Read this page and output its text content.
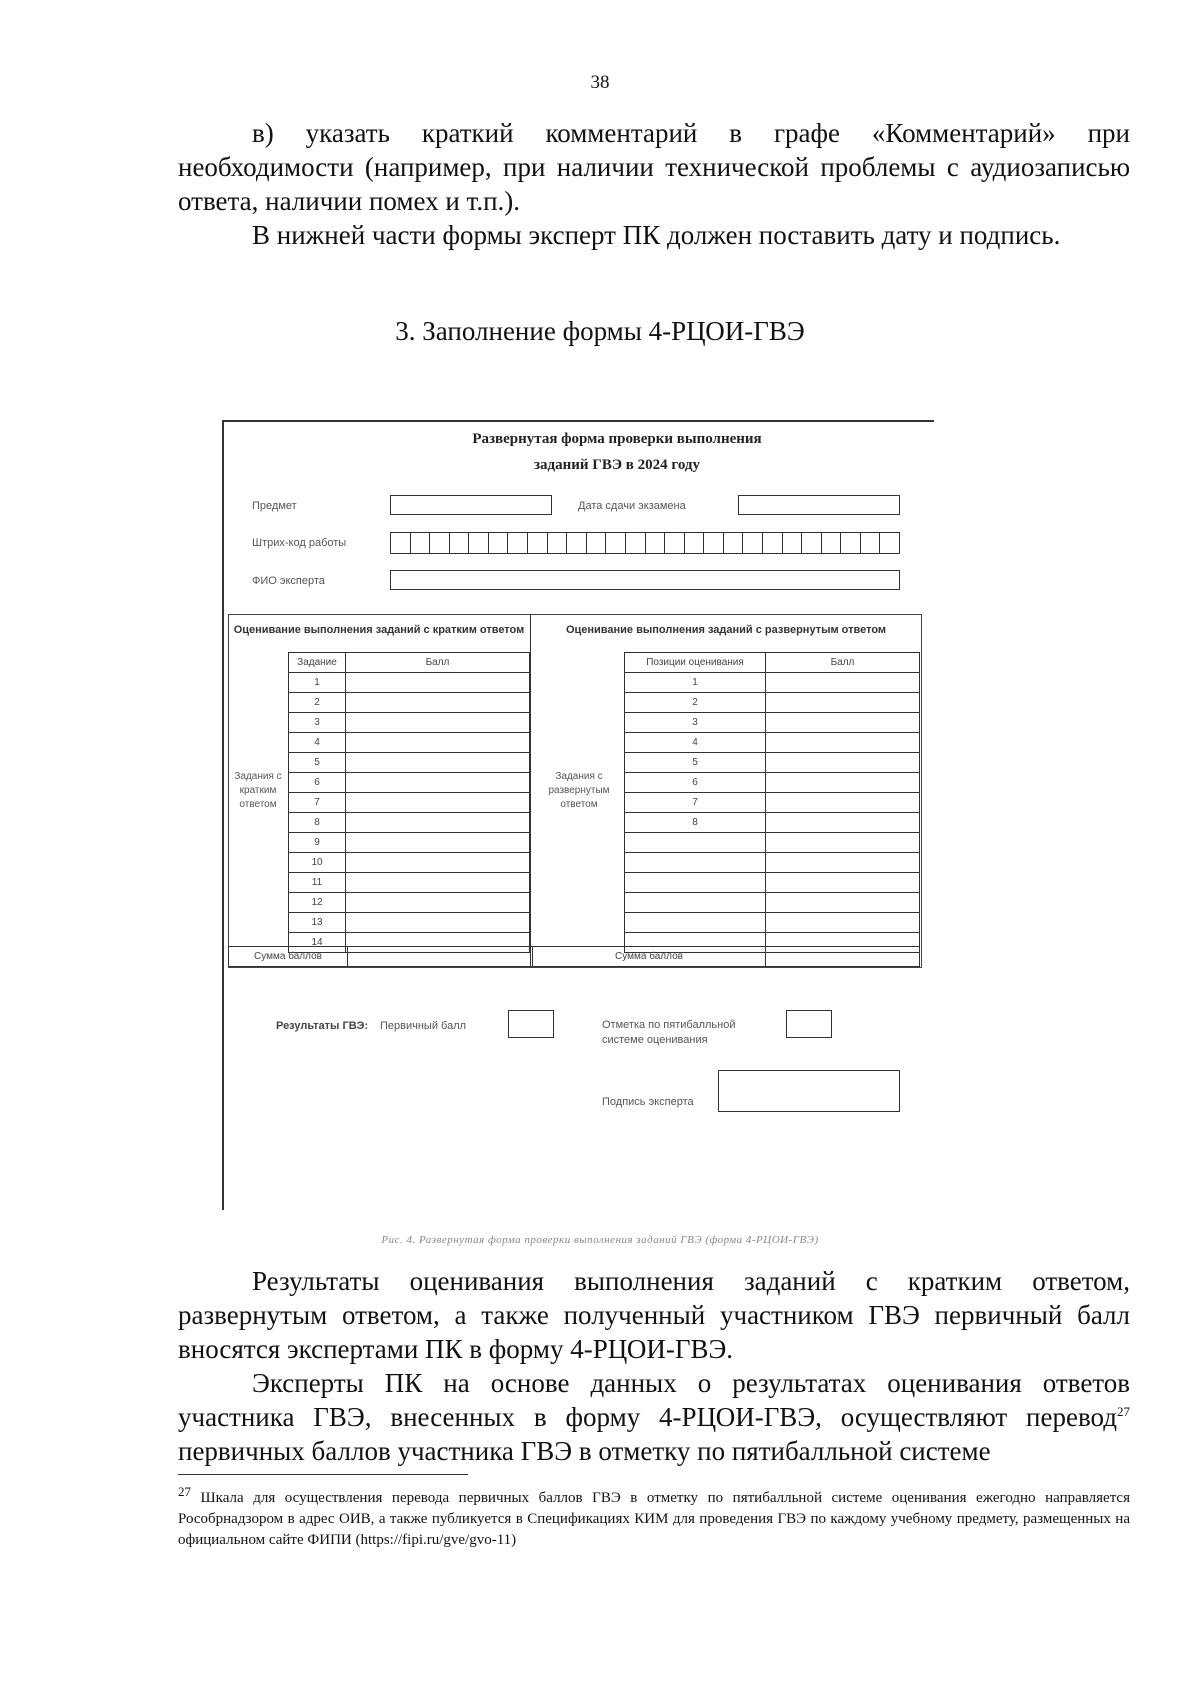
38

в) указать краткий комментарий в графе «Комментарий» при необходимости (например, при наличии технической проблемы с аудиозаписью ответа, наличии помех и т.п.).

В нижней части формы эксперт ПК должен поставить дату и подпись.

3. Заполнение формы 4-РЦОИ-ГВЭ
Развернутая форма проверки выполнения
заданий ГВЭ в 2024 году
Предмет	Дата сдачи экзамена
Штрих-код работы
ФИО эксперта
Оценивание выполнения заданий с кратким ответом	Оценивание выполнения заданий с развернутым ответом
Задания с кратким ответом
Задания с развернутым ответом
Задание	Балл
1	
2	
3	
4	
5	
6	
7	
8	
9	
10	
11	
12	
13	
14	
Позиции оценивания	Балл
1	
2	
3	
4	
5	
6	
7	
8	

Сумма баллов		Сумма баллов	
Результаты ГВЭ: Первичный балл	Отметка по пятибалльной системе оценивания
Подпись эксперта
Рис. 4. Развернутая форма проверки выполнения заданий ГВЭ (форма 4-РЦОИ-ГВЭ)

Результаты оценивания выполнения заданий с кратким ответом, развернутым ответом, а также полученный участником ГВЭ первичный балл вносятся экспертами ПК в форму 4-РЦОИ-ГВЭ.

Эксперты ПК на основе данных о результатах оценивания ответов участника ГВЭ, внесенных в форму 4-РЦОИ-ГВЭ, осуществляют перевод$^{27}$ первичных баллов участника ГВЭ в отметку по пятибалльной системе

27 Шкала для осуществления перевода первичных баллов ГВЭ в отметку по пятибалльной системе оценивания ежегодно направляется Рособрнадзором в адрес ОИВ, а также публикуется в Спецификациях КИМ для проведения ГВЭ по каждому учебному предмету, размещенных на официальном сайте ФИПИ (https://fipi.ru/gve/gvo-11)
